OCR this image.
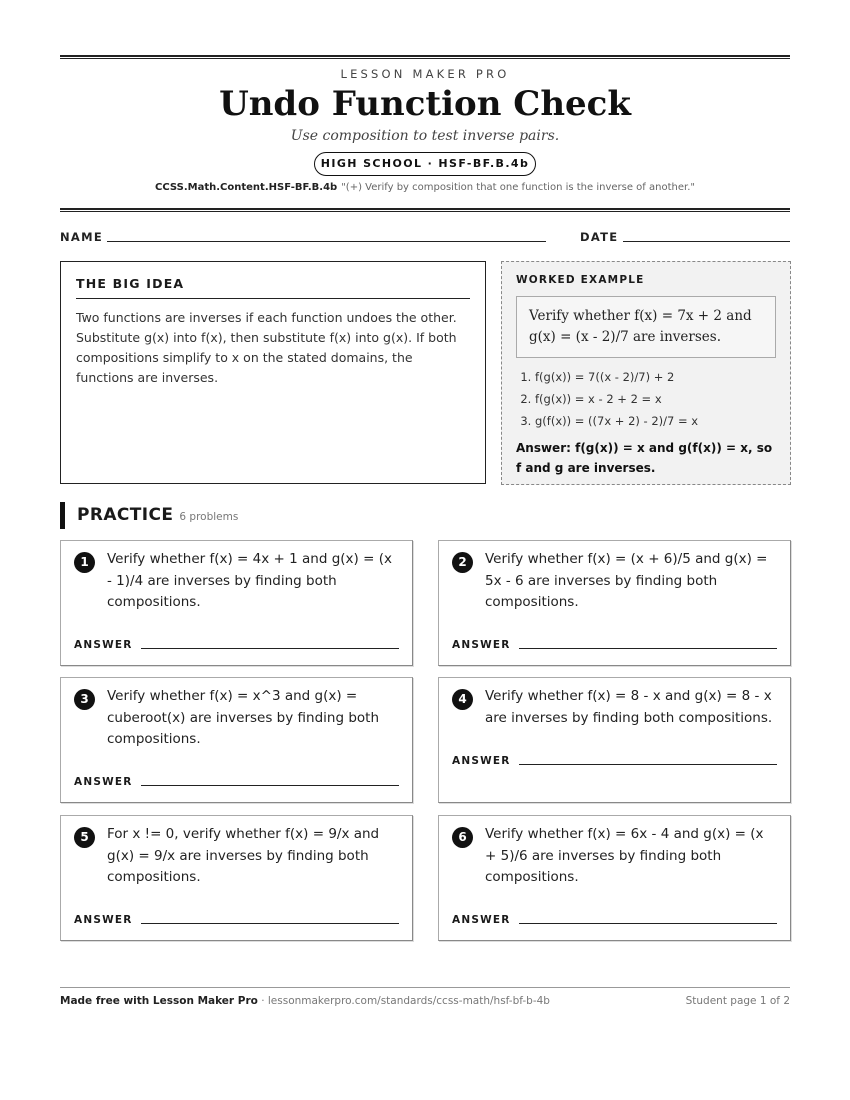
LESSON MAKER PRO
Undo Function Check
Use composition to test inverse pairs.
HIGH SCHOOL · HSF-BF.B.4b
CCSS.Math.Content.HSF-BF.B.4b "(+) Verify by composition that one function is the inverse of another."
NAME	DATE
THE BIG IDEA

Two functions are inverses if each function undoes the other. Substitute g(x) into f(x), then substitute f(x) into g(x). If both compositions simplify to x on the stated domains, the functions are inverses.

WORKED EXAMPLE
Verify whether f(x) = 7x + 2 and g(x) = (x - 2)/7 are inverses.
1. f(g(x)) = 7((x - 2)/7) + 2
2. f(g(x)) = x - 2 + 2 = x
3. g(f(x)) = ((7x + 2) - 2)/7 = x
Answer: f(g(x)) = x and g(f(x)) = x, so f and g are inverses.
PRACTICE 6 problems
1	Verify whether f(x) = 4x + 1 and g(x) = (x - 1)/4 are inverses by finding both compositions.
ANSWER
2	Verify whether f(x) = (x + 6)/5 and g(x) = 5x - 6 are inverses by finding both compositions.
ANSWER
3	Verify whether f(x) = x^3 and g(x) = cuberoot(x) are inverses by finding both compositions.
ANSWER
4	Verify whether f(x) = 8 - x and g(x) = 8 - x are inverses by finding both compositions.
ANSWER
5	For x != 0, verify whether f(x) = 9/x and g(x) = 9/x are inverses by finding both compositions.
ANSWER
6	Verify whether f(x) = 6x - 4 and g(x) = (x + 5)/6 are inverses by finding both compositions.
ANSWER
Made free with Lesson Maker Pro · lessonmakerpro.com/standards/ccss-math/hsf-bf-b-4b	Student page 1 of 2
